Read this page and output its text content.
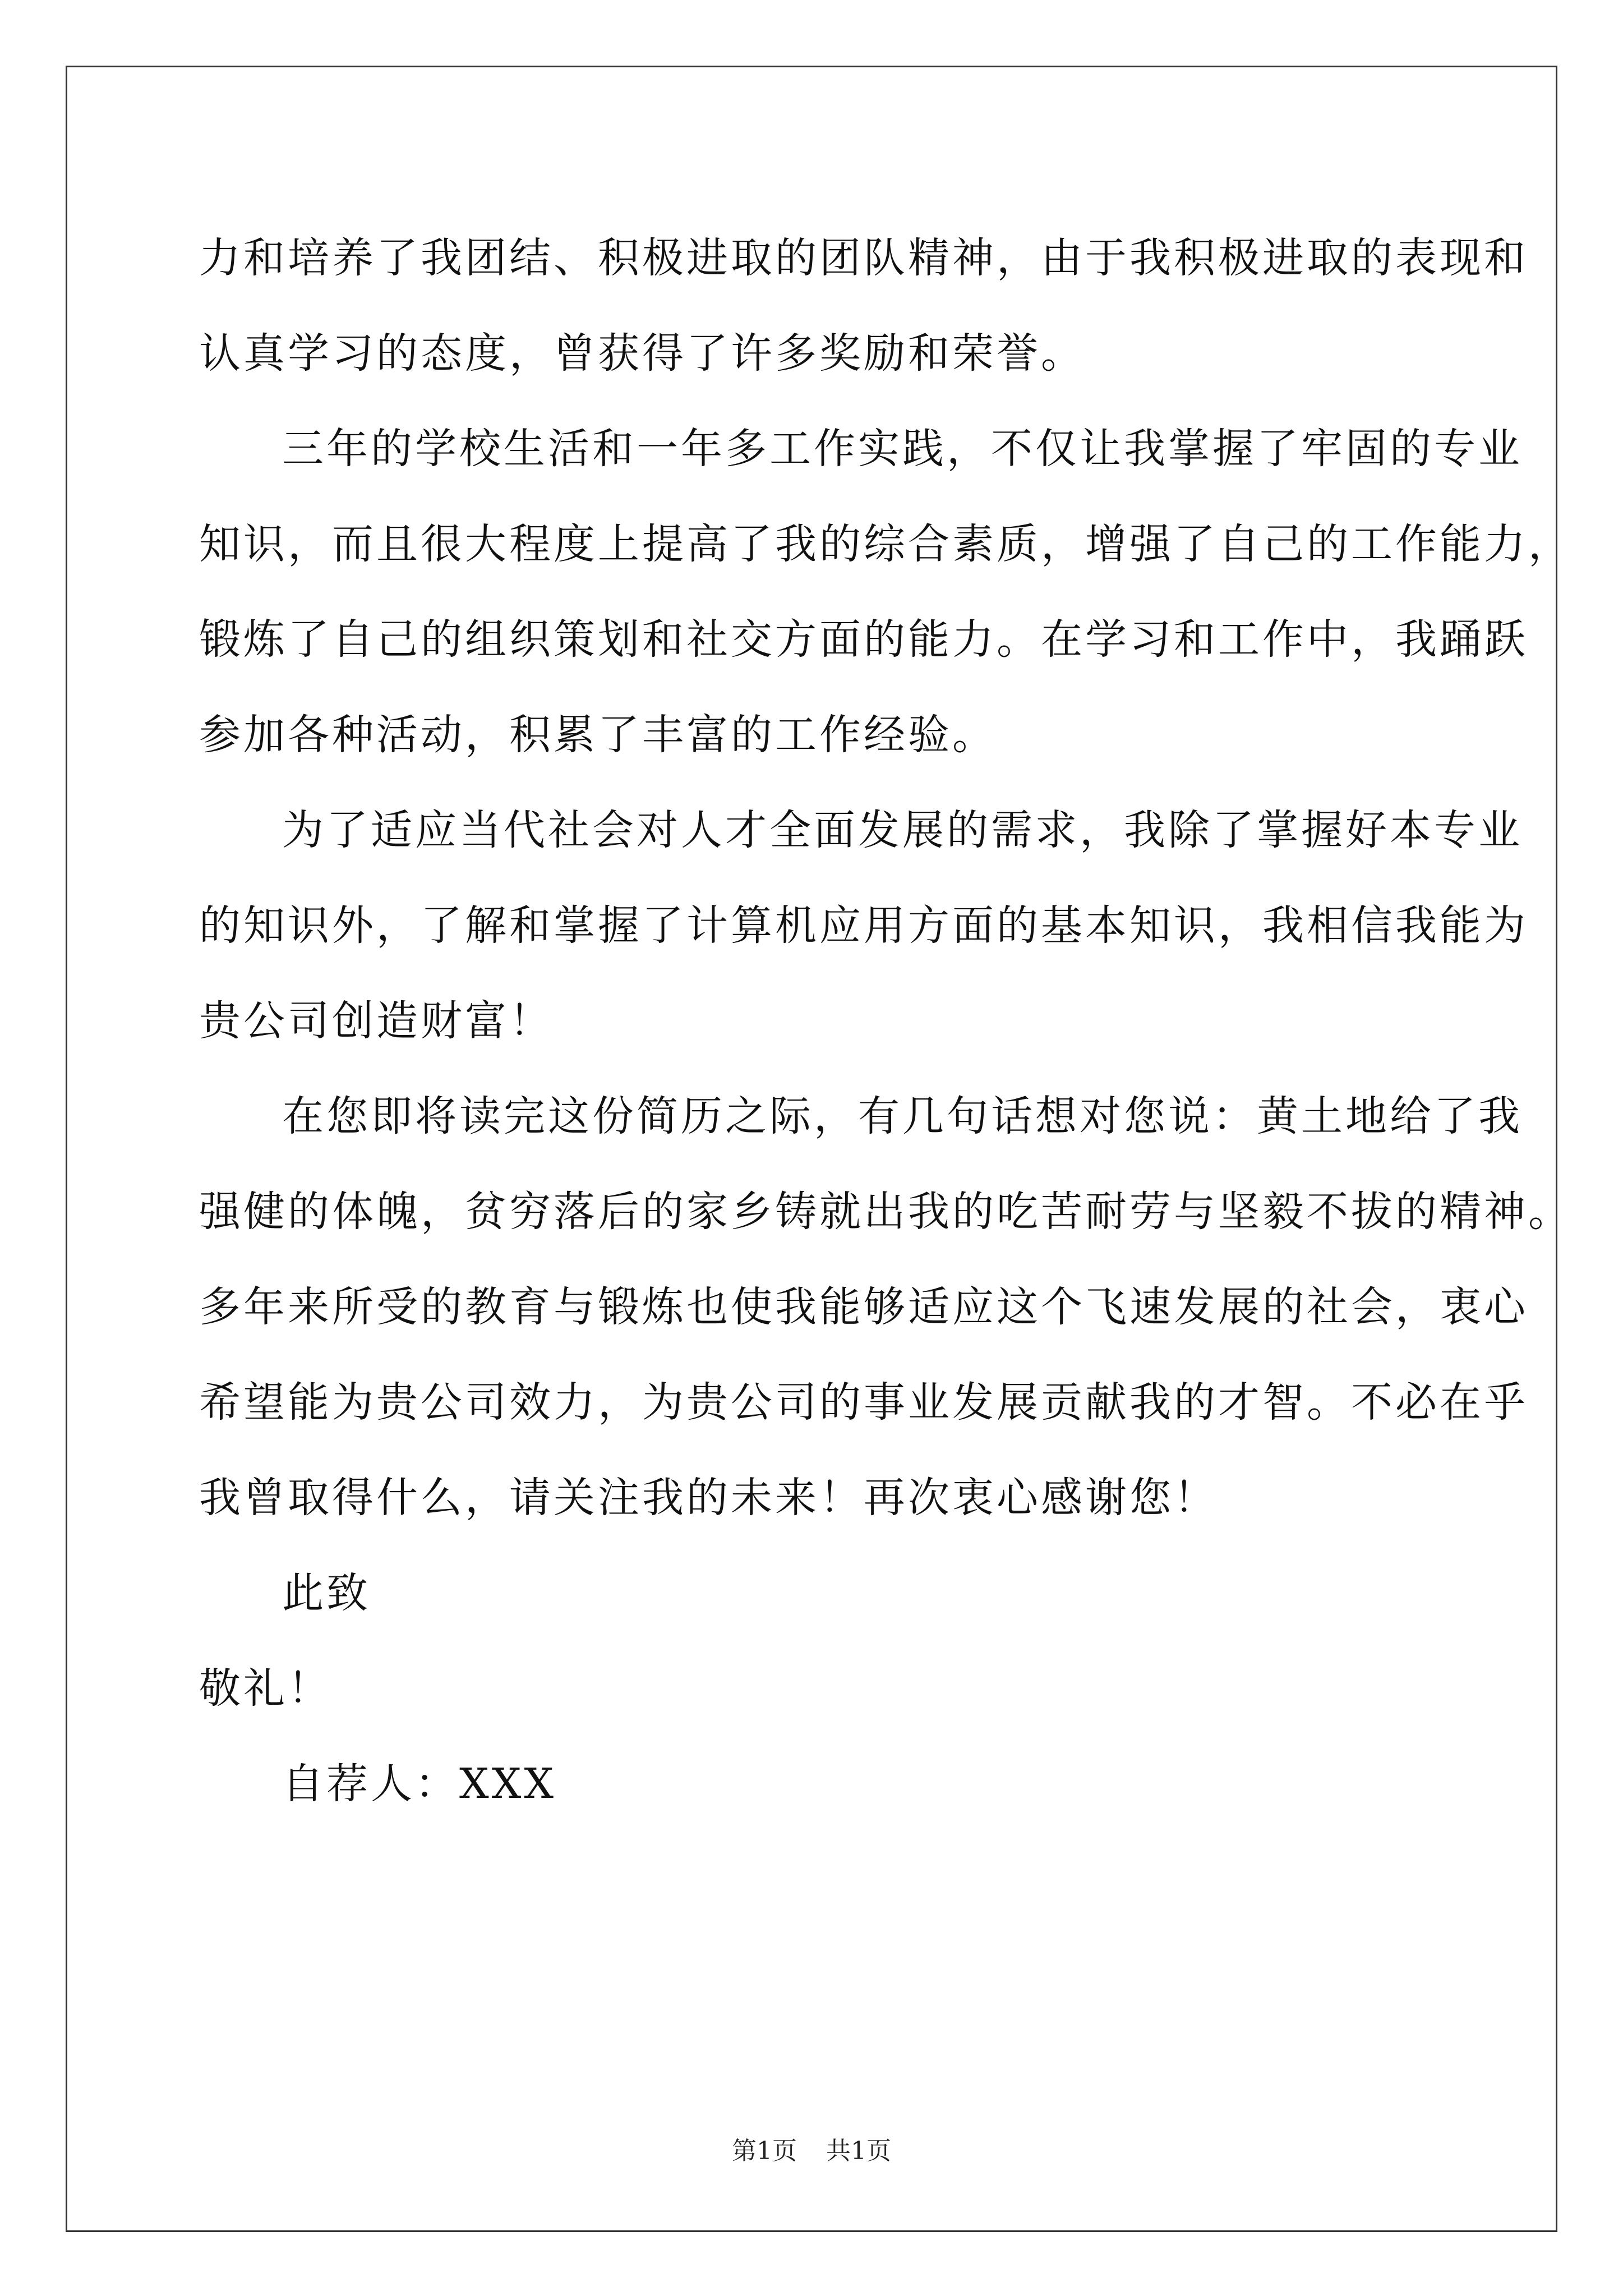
力和培养了我团结、积极进取的团队精神，由于我积极进取的表现和
认真学习的态度，曾获得了许多奖励和荣誉。
三年的学校生活和一年多工作实践，不仅让我掌握了牢固的专业
知识，而且很大程度上提高了我的综合素质，增强了自己的工作能力，
锻炼了自己的组织策划和社交方面的能力。在学习和工作中，我踊跃
参加各种活动，积累了丰富的工作经验。
为了适应当代社会对人才全面发展的需求，我除了掌握好本专业
的知识外，了解和掌握了计算机应用方面的基本知识，我相信我能为
贵公司创造财富！
在您即将读完这份简历之际，有几句话想对您说：黄土地给了我
强健的体魄，贫穷落后的家乡铸就出我的吃苦耐劳与坚毅不拔的精神。
多年来所受的教育与锻炼也使我能够适应这个飞速发展的社会，衷心
希望能为贵公司效力，为贵公司的事业发展贡献我的才智。不必在乎
我曾取得什么，请关注我的未来！再次衷心感谢您！
此致
敬礼！
自荐人：XXX
第1页 共1页
